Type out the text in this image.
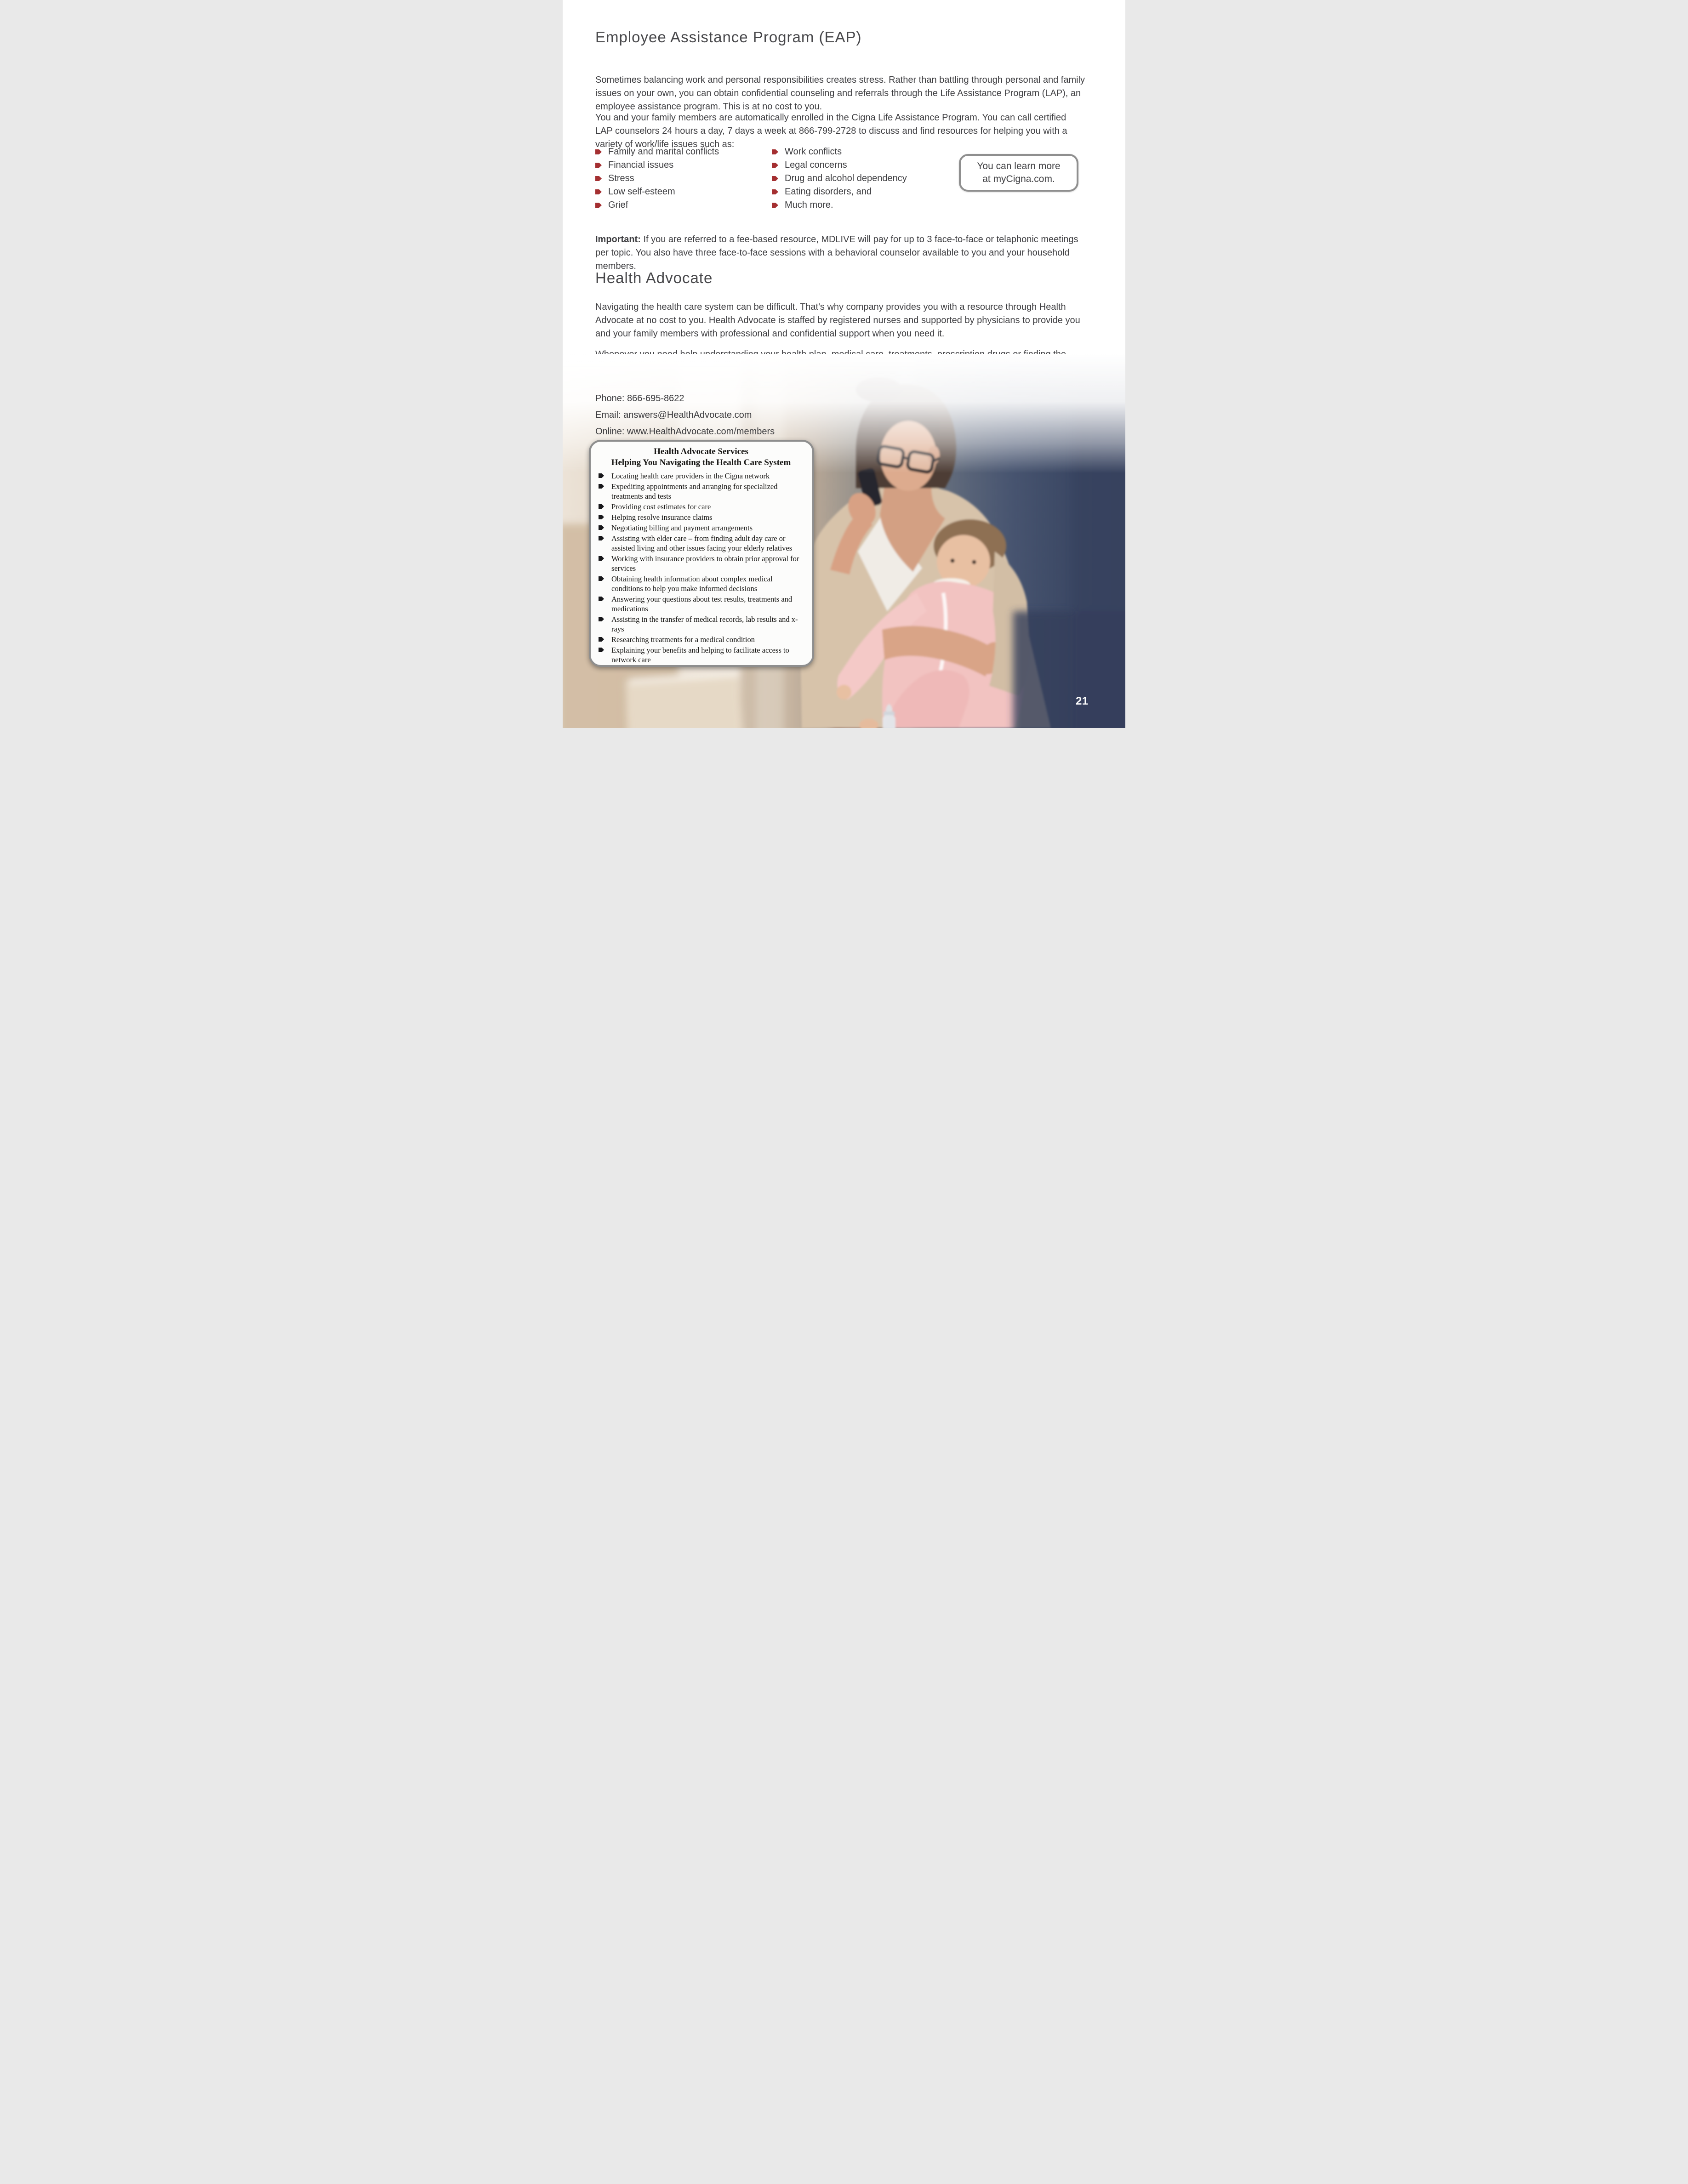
Employee Assistance Program (EAP)

Sometimes balancing work and personal responsibilities creates stress. Rather than battling through personal and family issues on your own, you can obtain confidential counseling and referrals through the Life Assistance Program (LAP), an employee assistance program. This is at no cost to you.

You and your family members are automatically enrolled in the Cigna Life Assistance Program. You can call certified LAP counselors 24 hours a day, 7 days a week at 866-799-2728 to discuss and find resources for helping you with a variety of work/life issues such as:

Family and marital conflicts
Financial issues
Stress
Low self-esteem
Grief
Work conflicts
Legal concerns
Drug and alcohol dependency
Eating disorders, and
Much more.
You can learn more
at myCigna.com.

Important: If you are referred to a fee-based resource, MDLIVE will pay for up to 3 face-to-face or telaphonic meetings per topic. You also have three face-to-face sessions with a behavioral counselor available to you and your household members.

Health Advocate

Navigating the health care system can be difficult. That's why company provides you with a resource through Health Advocate at no cost to you. Health Advocate is staffed by registered nurses and supported by physicians to provide you and your family members with professional and confidential support when you need it.

Phone: 866-695-8622
Email: answers@HealthAdvocate.com
Online: www.HealthAdvocate.com/members
Health Advocate Services
Helping You Navigating the Health Care System
Locating health care providers in the Cigna network
Expediting appointments and arranging for specialized treatments and tests
Providing cost estimates for care
Helping resolve insurance claims
Negotiating billing and payment arrangements
Assisting with elder care – from finding adult day care or assisted living and other issues facing your elderly relatives
Working with insurance providers to obtain prior approval for services
Obtaining health information about complex medical conditions to help you make informed decisions
Answering your questions about test results, treatments and medications
Assisting in the transfer of medical records, lab results and x-rays
Researching treatments for a medical condition
Explaining your benefits and helping to facilitate access to network care
21
